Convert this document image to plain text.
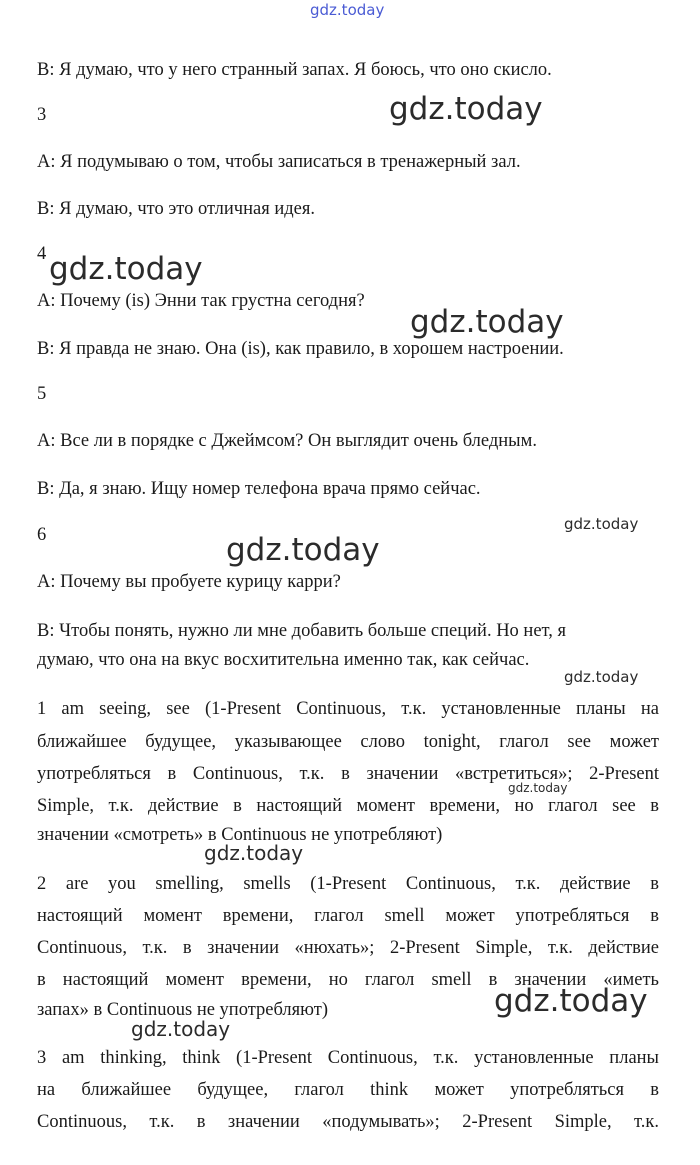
gdz.today
gdz.today
gdz.today
gdz.today
gdz.today
gdz.today
gdz.today
gdz.today
gdz.today
gdz.today
gdz.today
В: Я думаю, что у него странный запах. Я боюсь, что оно скисло.
3
А: Я подумываю о том, чтобы записаться в тренажерный зал.
В: Я думаю, что это отличная идея.
4
А: Почему (is) Энни так грустна сегодня?
В: Я правда не знаю. Она (is), как правило, в хорошем настроении.
5
А: Все ли в порядке с Джеймсом? Он выглядит очень бледным.
В: Да, я знаю. Ищу номер телефона врача прямо сейчас.
6
А: Почему вы пробуете курицу карри?
В: Чтобы понять, нужно ли мне добавить больше специй. Но нет, я
думаю, что она на вкус восхитительна именно так, как сейчас.
1 am seeing, see (1-Present Continuous, т.к. установленные планы на
ближайшее будущее, указывающее слово tonight, глагол see может
употребляться в Continuous, т.к. в значении «встретиться»; 2-Present
Simple, т.к. действие в настоящий момент времени, но глагол see в
значении «смотреть» в Continuous не употребляют)
2 are you smelling, smells (1-Present Continuous, т.к. действие в
настоящий момент времени, глагол smell может употребляться в
Continuous, т.к. в значении «нюхать»; 2-Present Simple, т.к. действие
в настоящий момент времени, но глагол smell в значении «иметь
запах» в Continuous не употребляют)
3 am thinking, think (1-Present Continuous, т.к. установленные планы
на ближайшее будущее, глагол think может употребляться в
Continuous, т.к. в значении «подумывать»; 2-Present Simple, т.к.
